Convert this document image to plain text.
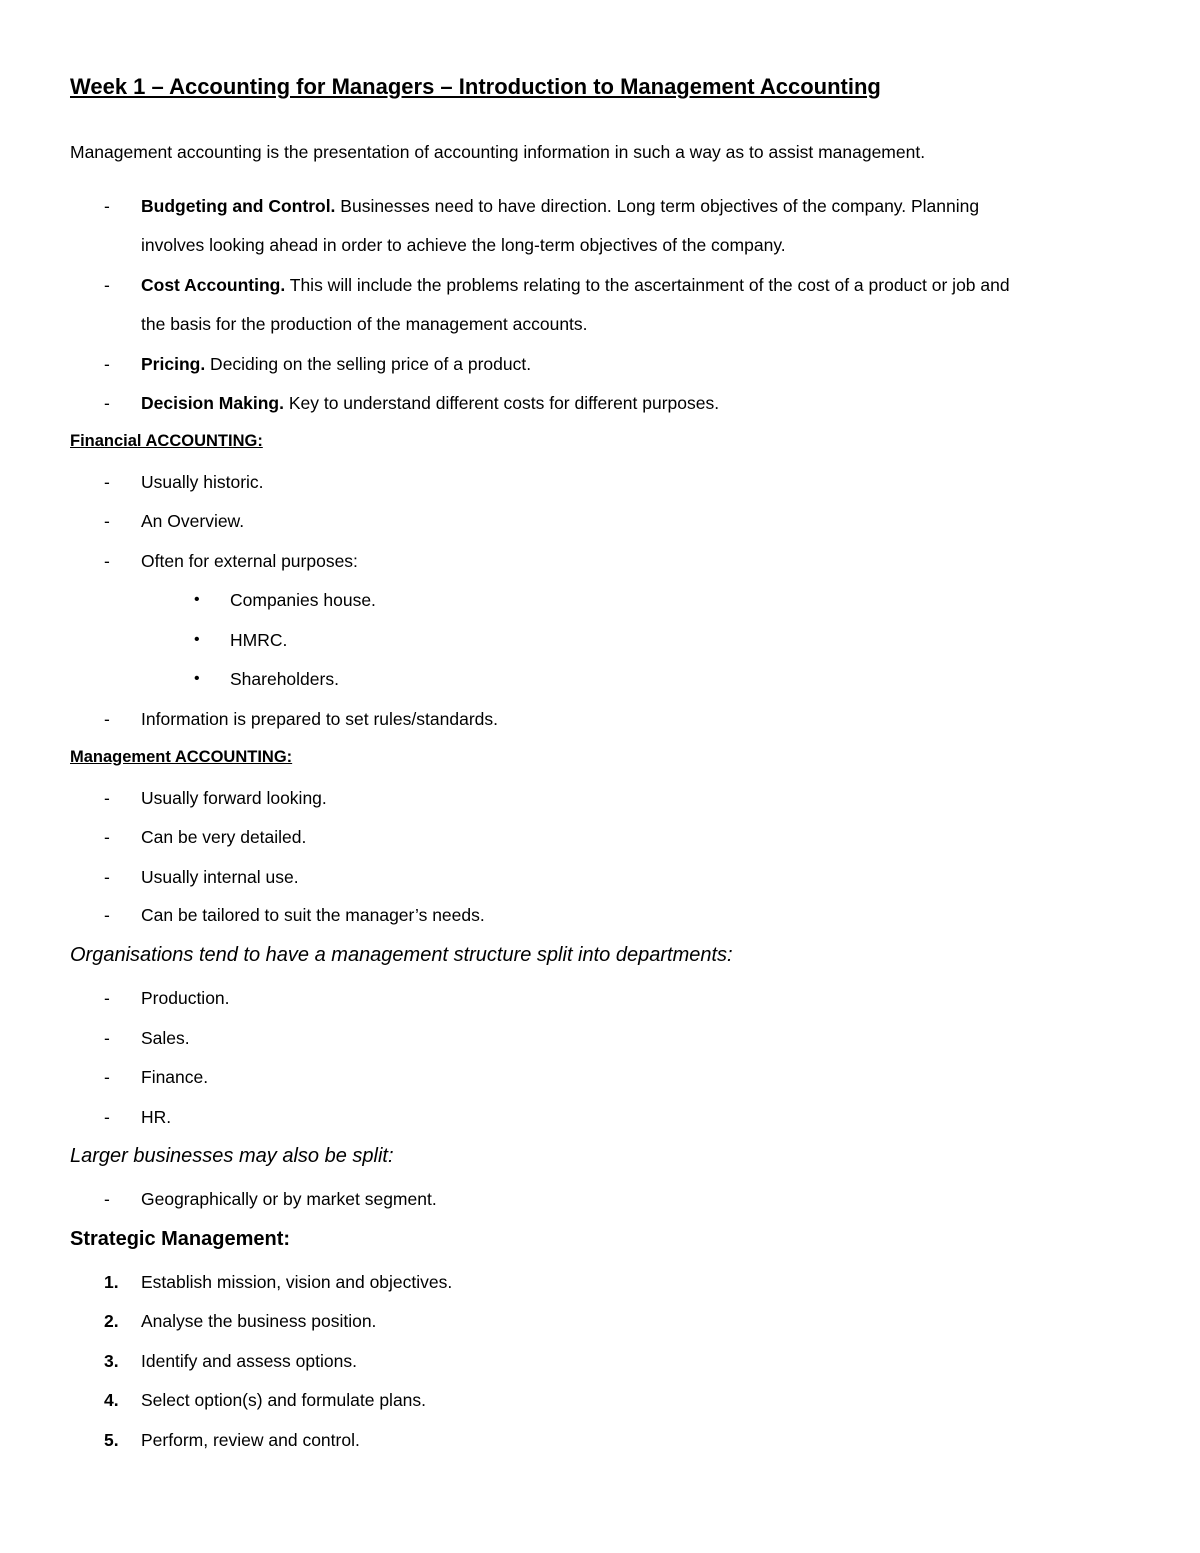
Week 1 – Accounting for Managers – Introduction to Management Accounting
Management accounting is the presentation of accounting information in such a way as to assist management.
- Budgeting and Control. Businesses need to have direction. Long term objectives of the company. Planning
involves looking ahead in order to achieve the long-term objectives of the company.
- Cost Accounting. This will include the problems relating to the ascertainment of the cost of a product or job and
the basis for the production of the management accounts.
- Pricing. Deciding on the selling price of a product.
- Decision Making. Key to understand different costs for different purposes.
Financial ACCOUNTING:
- Usually historic.
- An Overview.
- Often for external purposes:
• Companies house.
• HMRC.
• Shareholders.
- Information is prepared to set rules/standards.
Management ACCOUNTING:
- Usually forward looking.
- Can be very detailed.
- Usually internal use.
- Can be tailored to suit the manager’s needs.
Organisations tend to have a management structure split into departments:
- Production.
- Sales.
- Finance.
- HR.
Larger businesses may also be split:
- Geographically or by market segment.
Strategic Management:
1. Establish mission, vision and objectives.
2. Analyse the business position.
3. Identify and assess options.
4. Select option(s) and formulate plans.
5. Perform, review and control.
